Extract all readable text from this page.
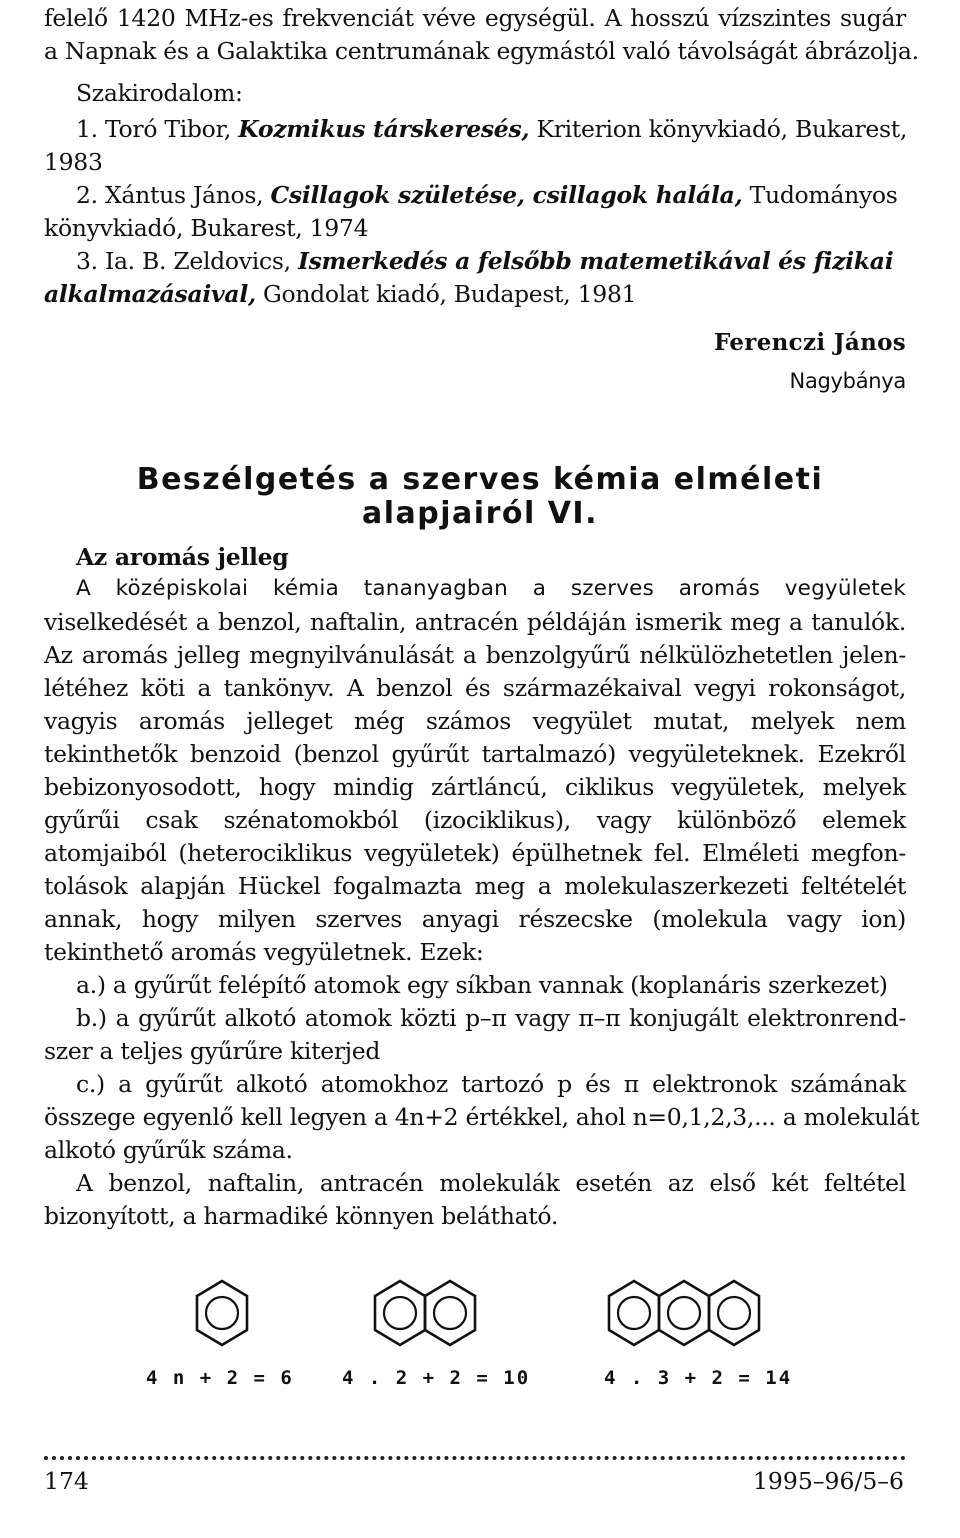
felelő 1420 MHz-es frekvenciát véve egységül. A hosszú vízszintes sugár
a Napnak és a Galaktika centrumának egymástól való távolságát ábrázolja.
Szakirodalom:
1. Toró Tibor, Kozmikus társkeresés, Kriterion könyvkiadó, Bukarest,
1983
2. Xántus János, Csillagok születése, csillagok halála, Tudományos
könyvkiadó, Bukarest, 1974
3. Ia. B. Zeldovics, Ismerkedés a felsőbb matemetikával és fizikai
alkalmazásaival, Gondolat kiadó, Budapest, 1981
Ferenczi János
Nagybánya
Beszélgetés a szerves kémia elméleti
alapjairól VI.
Az aromás jelleg
A középiskolai kémia tananyagban a szerves aromás vegyületek
viselkedését a benzol, naftalin, antracén példáján ismerik meg a tanulók.
Az aromás jelleg megnyilvánulását a benzolgyűrű nélkülözhetetlen jelen-
létéhez köti a tankönyv. A benzol és származékaival vegyi rokonságot,
vagyis aromás jelleget még számos vegyület mutat, melyek nem
tekinthetők benzoid (benzol gyűrűt tartalmazó) vegyületeknek. Ezekről
bebizonyosodott, hogy mindig zártláncú, ciklikus vegyületek, melyek
gyűrűi csak szénatomokból (izociklikus), vagy különböző elemek
atomjaiból (heterociklikus vegyületek) épülhetnek fel. Elméleti megfon-
tolások alapján Hückel fogalmazta meg a molekulaszerkezeti feltételét
annak, hogy milyen szerves anyagi részecske (molekula vagy ion)
tekinthető aromás vegyületnek. Ezek:
a.) a gyűrűt felépítő atomok egy síkban vannak (koplanáris szerkezet)
b.) a gyűrűt alkotó atomok közti p–π vagy π–π konjugált elektronrend-
szer a teljes gyűrűre kiterjed
c.) a gyűrűt alkotó atomokhoz tartozó p és π elektronok számának
összege egyenlő kell legyen a 4n+2 értékkel, ahol n=0,1,2,3,... a molekulát
alkotó gyűrűk száma.
A benzol, naftalin, antracén molekulák esetén az első két feltétel
bizonyított, a harmadiké könnyen belátható.
4 n + 2 = 6	4 . 2 + 2 = 10	4 . 3 + 2 = 14
174	1995–96/5–6
